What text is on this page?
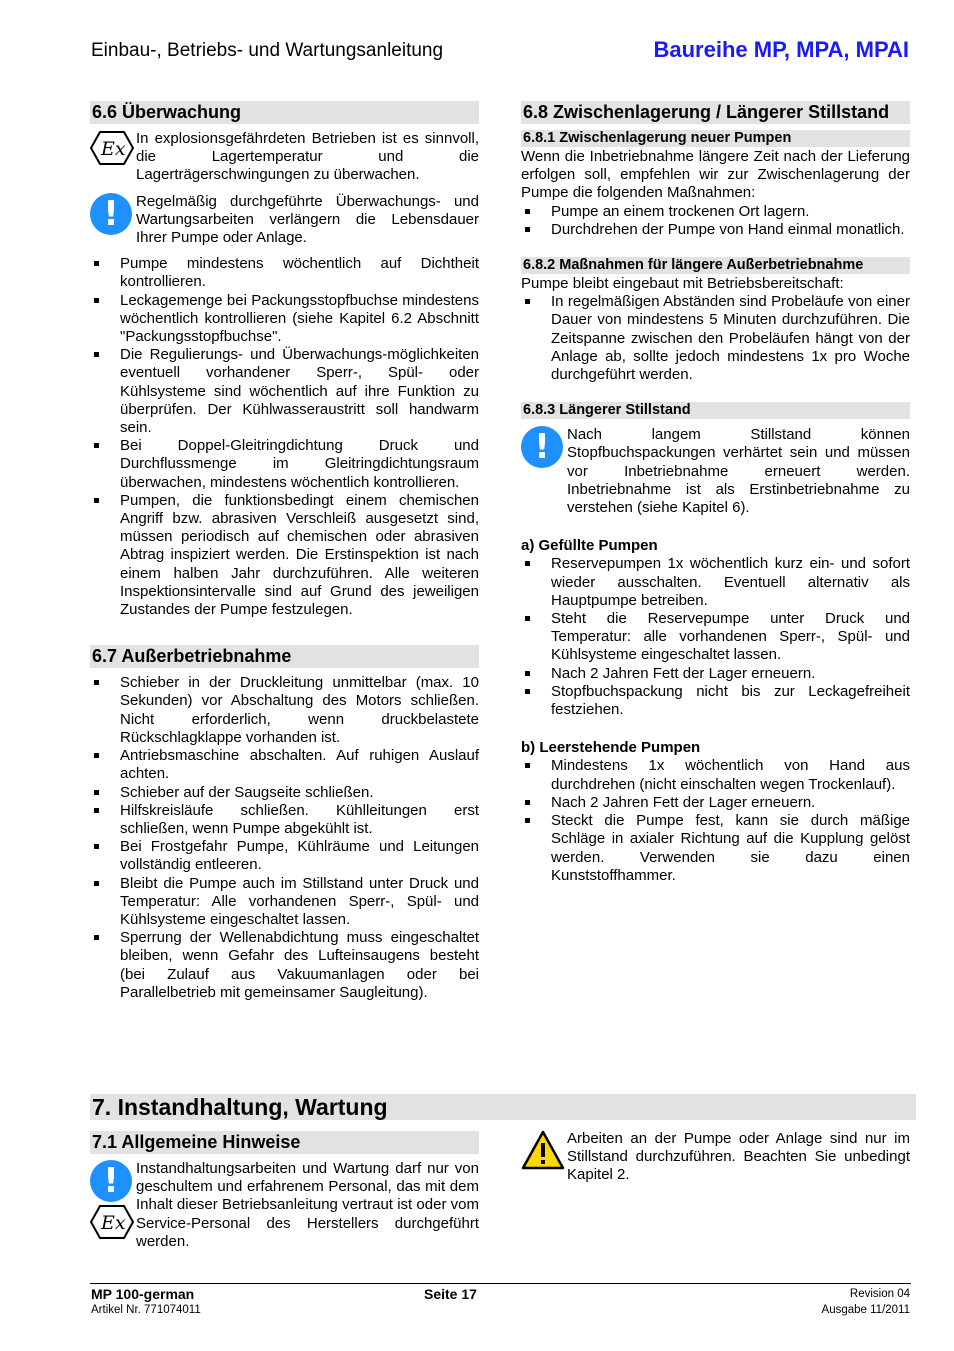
Einbau-, Betriebs- und Wartungsanleitung	Baureihe MP, MPA, MPAI
6.6 Überwachung
Ex In explosionsgefährdeten Betrieben ist es sinnvoll, die Lagertemperatur und die Lagerträgerschwingungen zu überwachen.
!	Regelmäßig durchgeführte Überwachungs- und Wartungsarbeiten verlängern die Lebensdauer Ihrer Pumpe oder Anlage.
Pumpe mindestens wöchentlich auf Dichtheit kontrollieren.
Leckagemenge bei Packungsstopfbuchse mindestens wöchentlich kontrollieren (siehe Kapitel 6.2 Abschnitt "Packungsstopfbuchse".
Die Regulierungs- und Überwachungs-möglichkeiten eventuell vorhandener Sperr-, Spül- oder Kühlsysteme sind wöchentlich auf ihre Funktion zu überprüfen. Der Kühlwasseraustritt soll handwarm sein.
Bei Doppel-Gleitringdichtung Druck und Durchflussmenge im Gleitringdichtungsraum überwachen, mindestens wöchentlich kontrollieren.
Pumpen, die funktionsbedingt einem chemischen Angriff bzw. abrasiven Verschleiß ausgesetzt sind, müssen periodisch auf chemischen oder abrasiven Abtrag inspiziert werden. Die Erstinspektion ist nach einem halben Jahr durchzuführen. Alle weiteren Inspektionsintervalle sind auf Grund des jeweiligen Zustandes der Pumpe festzulegen.
6.7 Außerbetriebnahme
Schieber in der Druckleitung unmittelbar (max. 10 Sekunden) vor Abschaltung des Motors schließen. Nicht erforderlich, wenn druckbelastete Rückschlagklappe vorhanden ist.
Antriebsmaschine abschalten. Auf ruhigen Auslauf achten.
Schieber auf der Saugseite schließen.
Hilfskreisläufe schließen. Kühlleitungen erst schließen, wenn Pumpe abgekühlt ist.
Bei Frostgefahr Pumpe, Kühlräume und Leitungen vollständig entleeren.
Bleibt die Pumpe auch im Stillstand unter Druck und Temperatur: Alle vorhandenen Sperr-, Spül- und Kühlsysteme eingeschaltet lassen.
Sperrung der Wellenabdichtung muss eingeschaltet bleiben, wenn Gefahr des Lufteinsaugens besteht (bei Zulauf aus Vakuumanlagen oder bei Parallelbetrieb mit gemeinsamer Saugleitung).
6.8 Zwischenlagerung / Längerer Stillstand
6.8.1 Zwischenlagerung neuer Pumpen
Wenn die Inbetriebnahme längere Zeit nach der Lieferung erfolgen soll, empfehlen wir zur Zwischenlagerung der Pumpe die folgenden Maßnahmen:
Pumpe an einem trockenen Ort lagern.
Durchdrehen der Pumpe von Hand einmal monatlich.
6.8.2 Maßnahmen für längere Außerbetriebnahme
Pumpe bleibt eingebaut mit Betriebsbereitschaft:
In regelmäßigen Abständen sind Probeläufe von einer Dauer von mindestens 5 Minuten durchzuführen. Die Zeitspanne zwischen den Probeläufen hängt von der Anlage ab, sollte jedoch mindestens 1x pro Woche durchgeführt werden.
6.8.3 Längerer Stillstand
!	Nach langem Stillstand können Stopfbuchspackungen verhärtet sein und müssen vor Inbetriebnahme erneuert werden. Inbetriebnahme ist als Erstinbetriebnahme zu verstehen (siehe Kapitel 6).
a) Gefüllte Pumpen
Reservepumpen 1x wöchentlich kurz ein- und sofort wieder ausschalten. Eventuell alternativ als Hauptpumpe betreiben.
Steht die Reservepumpe unter Druck und Temperatur: alle vorhandenen Sperr-, Spül- und Kühlsysteme eingeschaltet lassen.
Nach 2 Jahren Fett der Lager erneuern.
Stopfbuchspackung nicht bis zur Leckagefreiheit festziehen.
b) Leerstehende Pumpen
Mindestens 1x wöchentlich von Hand aus durchdrehen (nicht einschalten wegen Trockenlauf).
Nach 2 Jahren Fett der Lager erneuern.
Steckt die Pumpe fest, kann sie durch mäßige Schläge in axialer Richtung auf die Kupplung gelöst werden. Verwenden sie dazu einen Kunststoffhammer.
7. Instandhaltung, Wartung
7.1 Allgemeine Hinweise
!
Ex
Instandhaltungsarbeiten und Wartung darf nur von geschultem und erfahrenem Personal, das mit dem Inhalt dieser Betriebsanleitung vertraut ist oder vom Service-Personal des Herstellers durchgeführt werden.
Arbeiten an der Pumpe oder Anlage sind nur im Stillstand durchzuführen. Beachten Sie unbedingt Kapitel 2.
MP 100-german	Seite 17	Revision 04
Artikel Nr. 771074011	Ausgabe 11/2011
